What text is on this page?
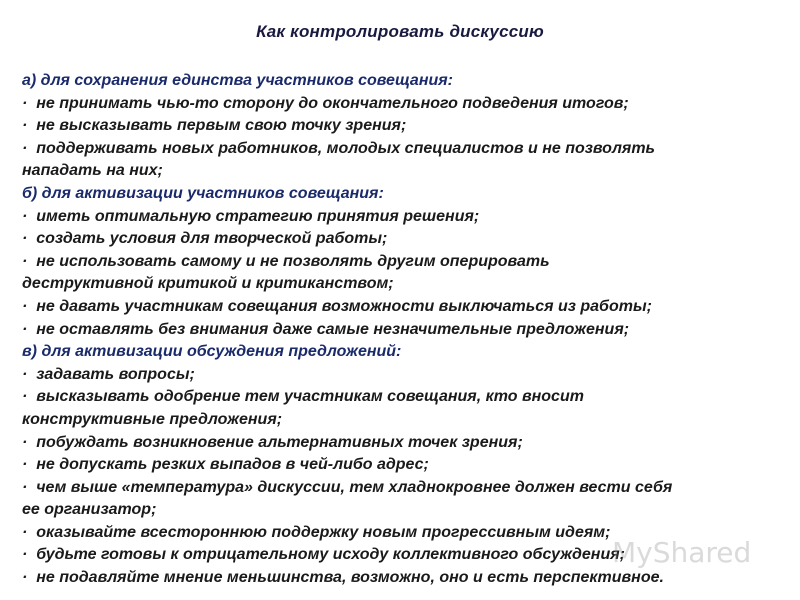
Как контролировать дискуссию
а) для сохранения единства участников совещания:
·  не принимать чью-то сторону до окончательного подведения итогов;
·  не высказывать первым свою точку зрения;
·  поддерживать новых работников, молодых специалистов и не позволять
нападать на них;
б) для активизации участников совещания:
·  иметь оптимальную стратегию принятия решения;
·  создать условия для творческой работы;
·  не использовать самому и не позволять другим оперировать
деструктивной критикой и критиканством;
·  не давать участникам совещания возможности выключаться из работы;
·  не оставлять без внимания даже самые незначительные предложения;
в) для активизации обсуждения предложений:
·  задавать вопросы;
·  высказывать одобрение тем участникам совещания, кто вносит
конструктивные предложения;
·  побуждать возникновение альтернативных точек зрения;
·  не допускать резких выпадов в чей-либо адрес;
·  чем выше «температура» дискуссии, тем хладнокровнее должен вести себя
ее организатор;
·  оказывайте всестороннюю поддержку новым прогрессивным идеям;
·  будьте готовы к отрицательному исходу коллективного обсуждения;
·  не подавляйте мнение меньшинства, возможно, оно и есть перспективное.
MyShared
